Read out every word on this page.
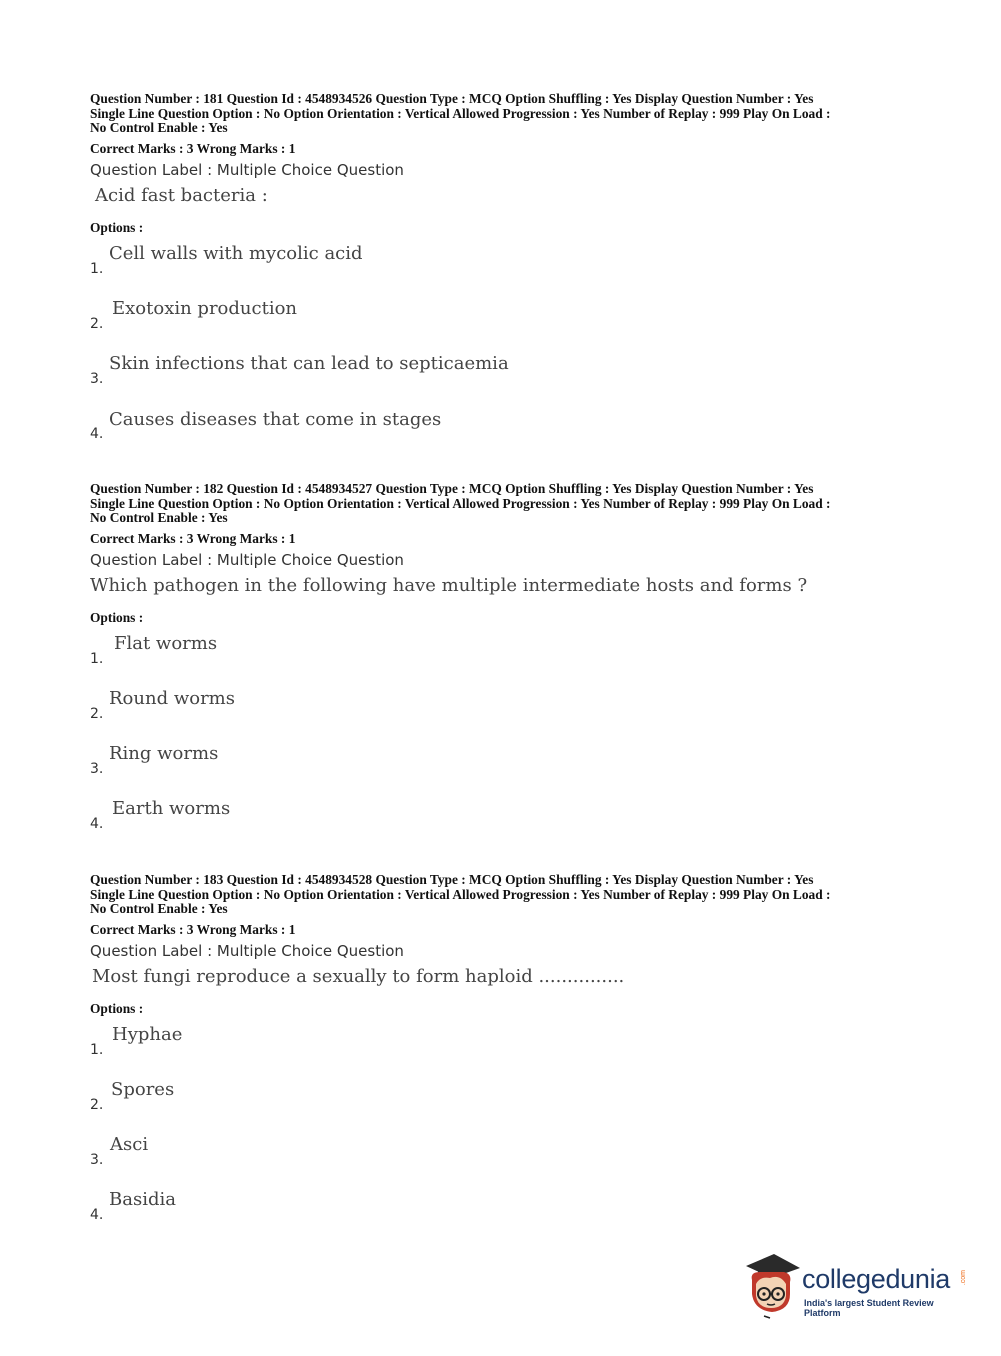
Question Number : 181 Question Id : 4548934526 Question Type : MCQ Option Shuffling : Yes Display Question Number : Yes
Single Line Question Option : No Option Orientation : Vertical Allowed Progression : Yes Number of Replay : 999 Play On Load :
No Control Enable : Yes
Correct Marks : 3 Wrong Marks : 1
Question Label : Multiple Choice Question
Acid fast bacteria :
Options :
1.
Cell walls with mycolic acid
2.
Exotoxin production
3.
Skin infections that can lead to septicaemia
4.
Causes diseases that come in stages
Question Number : 182 Question Id : 4548934527 Question Type : MCQ Option Shuffling : Yes Display Question Number : Yes
Single Line Question Option : No Option Orientation : Vertical Allowed Progression : Yes Number of Replay : 999 Play On Load :
No Control Enable : Yes
Correct Marks : 3 Wrong Marks : 1
Question Label : Multiple Choice Question
Which pathogen in the following have multiple intermediate hosts and forms ?
Options :
1.
Flat worms
2.
Round worms
3.
Ring worms
4.
Earth worms
Question Number : 183 Question Id : 4548934528 Question Type : MCQ Option Shuffling : Yes Display Question Number : Yes
Single Line Question Option : No Option Orientation : Vertical Allowed Progression : Yes Number of Replay : 999 Play On Load :
No Control Enable : Yes
Correct Marks : 3 Wrong Marks : 1
Question Label : Multiple Choice Question
Most fungi reproduce a sexually to form haploid ...............
Options :
1.
Hyphae
2.
Spores
3.
Asci
4.
Basidia
collegedunia .com
India's largest Student Review Platform
